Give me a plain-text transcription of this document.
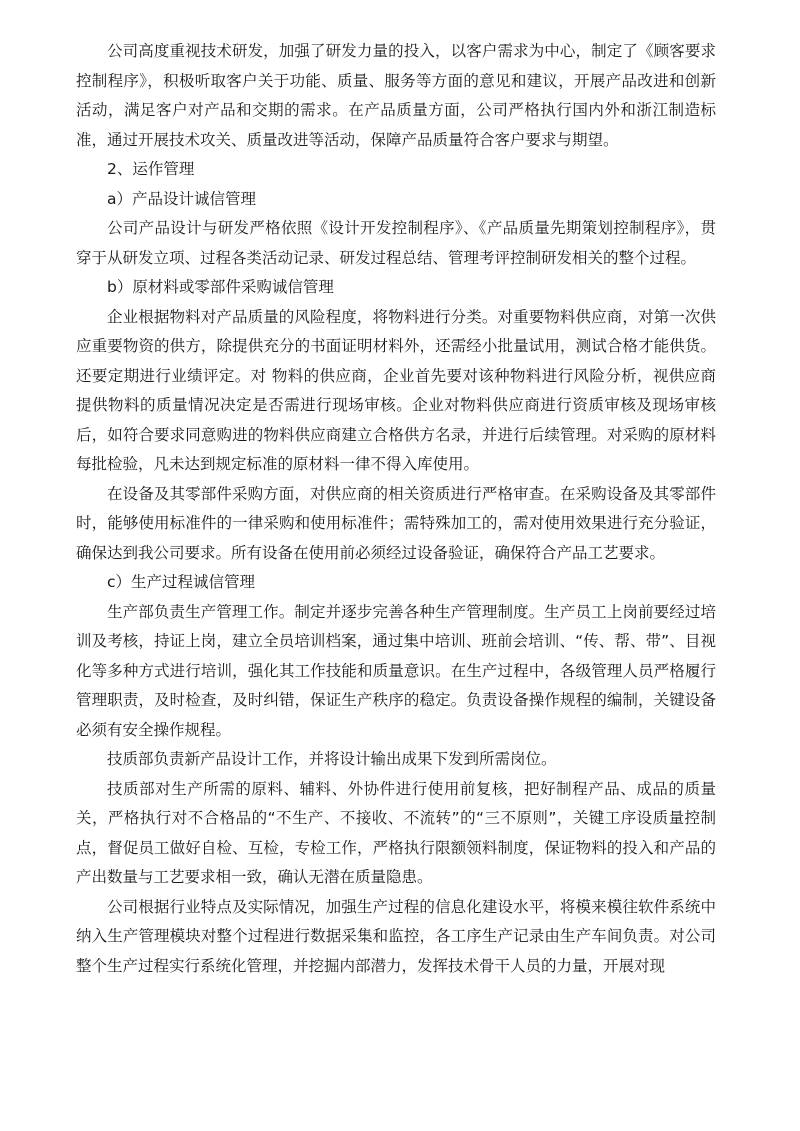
公司高度重视技术研发，加强了研发力量的投入，以客户需求为中心，制定了《顾客要求控制程序》，积极听取客户关于功能、质量、服务等方面的意见和建议，开展产品改进和创新活动，满足客户对产品和交期的需求。在产品质量方面，公司严格执行国内外和浙江制造标准，通过开展技术攻关、质量改进等活动，保障产品质量符合客户要求与期望。

2、运作管理

a）产品设计诚信管理

公司产品设计与研发严格依照《设计开发控制程序》、《产品质量先期策划控制程序》，贯穿于从研发立项、过程各类活动记录、研发过程总结、管理考评控制研发相关的整个过程。

b）原材料或零部件采购诚信管理

企业根据物料对产品质量的风险程度，将物料进行分类。对重要物料供应商，对第一次供应重要物资的供方，除提供充分的书面证明材料外，还需经小批量试用，测试合格才能供货。还要定期进行业绩评定。对 物料的供应商，企业首先要对该种物料进行风险分析，视供应商提供物料的质量情况决定是否需进行现场审核。企业对物料供应商进行资质审核及现场审核后，如符合要求同意购进的物料供应商建立合格供方名录，并进行后续管理。对采购的原材料每批检验，凡未达到规定标准的原材料一律不得入库使用。

在设备及其零部件采购方面，对供应商的相关资质进行严格审查。在采购设备及其零部件时，能够使用标准件的一律采购和使用标准件；需特殊加工的，需对使用效果进行充分验证，确保达到我公司要求。所有设备在使用前必须经过设备验证，确保符合产品工艺要求。

c）生产过程诚信管理

生产部负责生产管理工作。制定并逐步完善各种生产管理制度。生产员工上岗前要经过培训及考核，持证上岗，建立全员培训档案，通过集中培训、班前会培训、“传、帮、带”、目视化等多种方式进行培训，强化其工作技能和质量意识。在生产过程中，各级管理人员严格履行管理职责，及时检查，及时纠错，保证生产秩序的稳定。负责设备操作规程的编制，关键设备必须有安全操作规程。

技质部负责新产品设计工作，并将设计输出成果下发到所需岗位。

技质部对生产所需的原料、辅料、外协件进行使用前复核，把好制程产品、成品的质量关，严格执行对不合格品的“不生产、不接收、不流转”的“三不原则”，关键工序设质量控制点，督促员工做好自检、互检，专检工作，严格执行限额领料制度，保证物料的投入和产品的产出数量与工艺要求相一致，确认无潜在质量隐患。

公司根据行业特点及实际情况，加强生产过程的信息化建设水平，将模来模往软件系统中纳入生产管理模块对整个过程进行数据采集和监控，各工序生产记录由生产车间负责。对公司整个生产过程实行系统化管理，并挖掘内部潜力，发挥技术骨干人员的力量，开展对现
